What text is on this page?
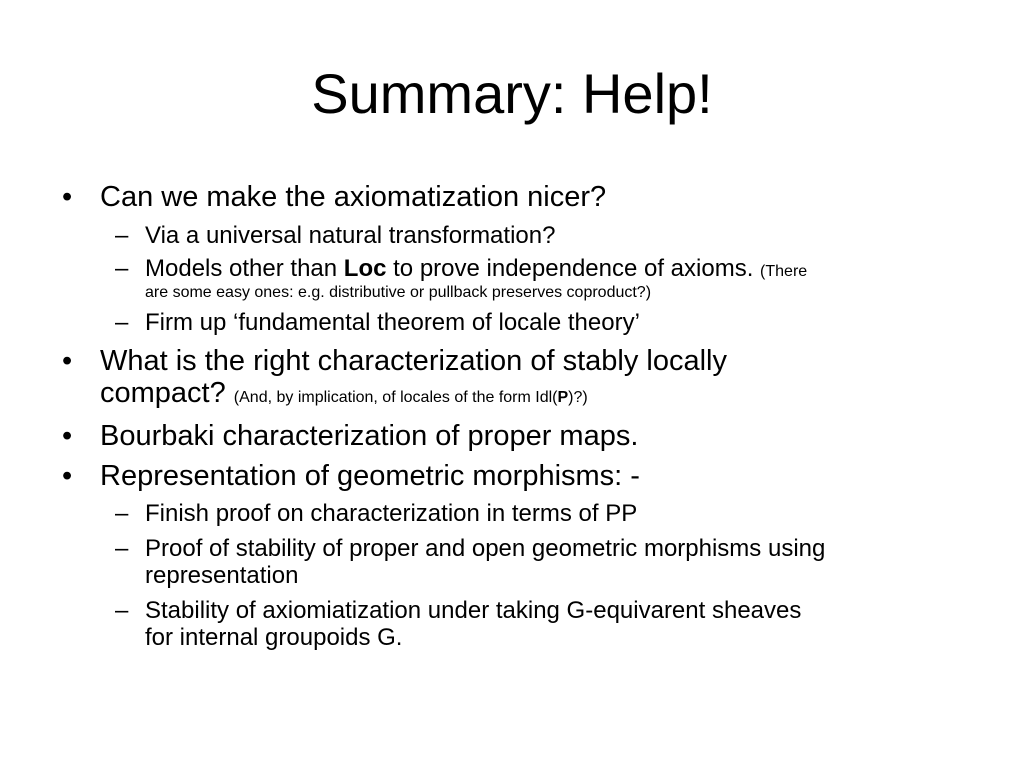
Summary: Help!

• Can we make the axiomatization nicer?

– Via a universal natural transformation?

– Models other than Loc to prove independence of axioms. (There
are some easy ones: e.g. distributive or pullback preserves coproduct?)

– Firm up ‘fundamental theorem of locale theory’

• What is the right characterization of stably locally
compact? (And, by implication, of locales of the form Idl(P)?)

• Bourbaki characterization of proper maps.

• Representation of geometric morphisms: -

– Finish proof on characterization in terms of PP

– Proof of stability of proper and open geometric morphisms using
representation

– Stability of axiomiatization under taking G-equivarent sheaves
for internal groupoids G.
